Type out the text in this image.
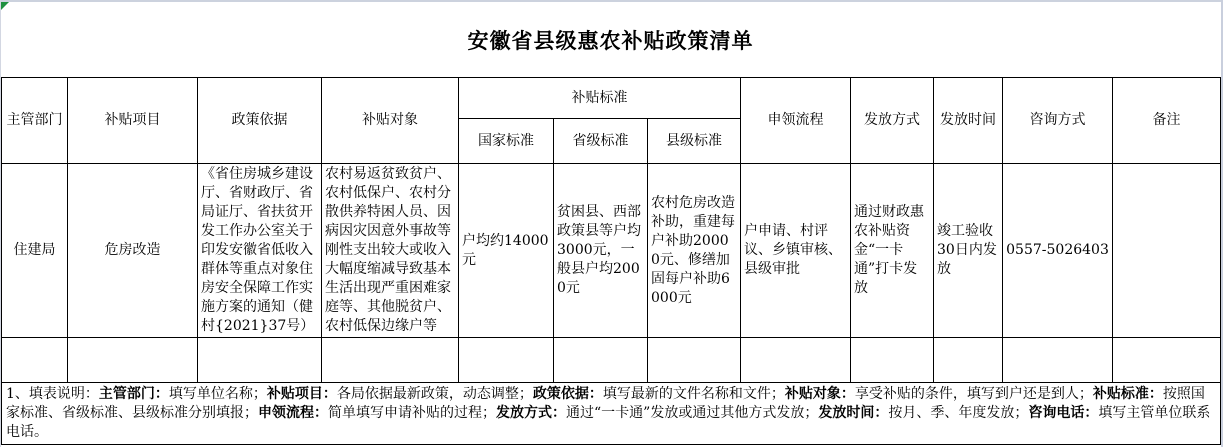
安徽省县级惠农补贴政策清单
主管部门	补贴项目	政策依据	补贴对象	补贴标准			申领流程	发放方式	发放时间	咨询方式	备注
				国家标准	省级标准	县级标准					
住建局	危房改造	《省住房城乡建设厅、省财政厅、省局证厅、省扶贫开发工作办公室关于印发安徽省低收入群体等重点对象住房安全保障工作实施方案的通知（健村{2021}37号）	农村易返贫致贫户、农村低保户、农村分散供养特困人员、因病因灾因意外事故等刚性支出较大或收入大幅度缩减导致基本生活出现严重困难家庭等、其他脱贫户、农村低保边缘户等	户均约14000元	贫困县、西部政策县等户均3000元，一般县户均2000元	农村危房改造补助，重建每户补助20000元、修缮加固每户补助6000元	户申请、村评议、乡镇审核、县级审批	通过财政惠农补贴资金“一卡通”打卡发放	竣工验收30日内发放	0557-5026403	

1、填表说明：主管部门：填写单位名称；补贴项目：各局依据最新政策，动态调整；政策依据：填写最新的文件名称和文件；补贴对象：享受补贴的条件，填写到户还是到人；补贴标准：按照国家标准、省级标准、县级标准分别填报；申领流程：简单填写申请补贴的过程；发放方式：通过“一卡通”发放或通过其他方式发放；发放时间：按月、季、年度发放；咨询电话：填写主管单位联系电话。											
